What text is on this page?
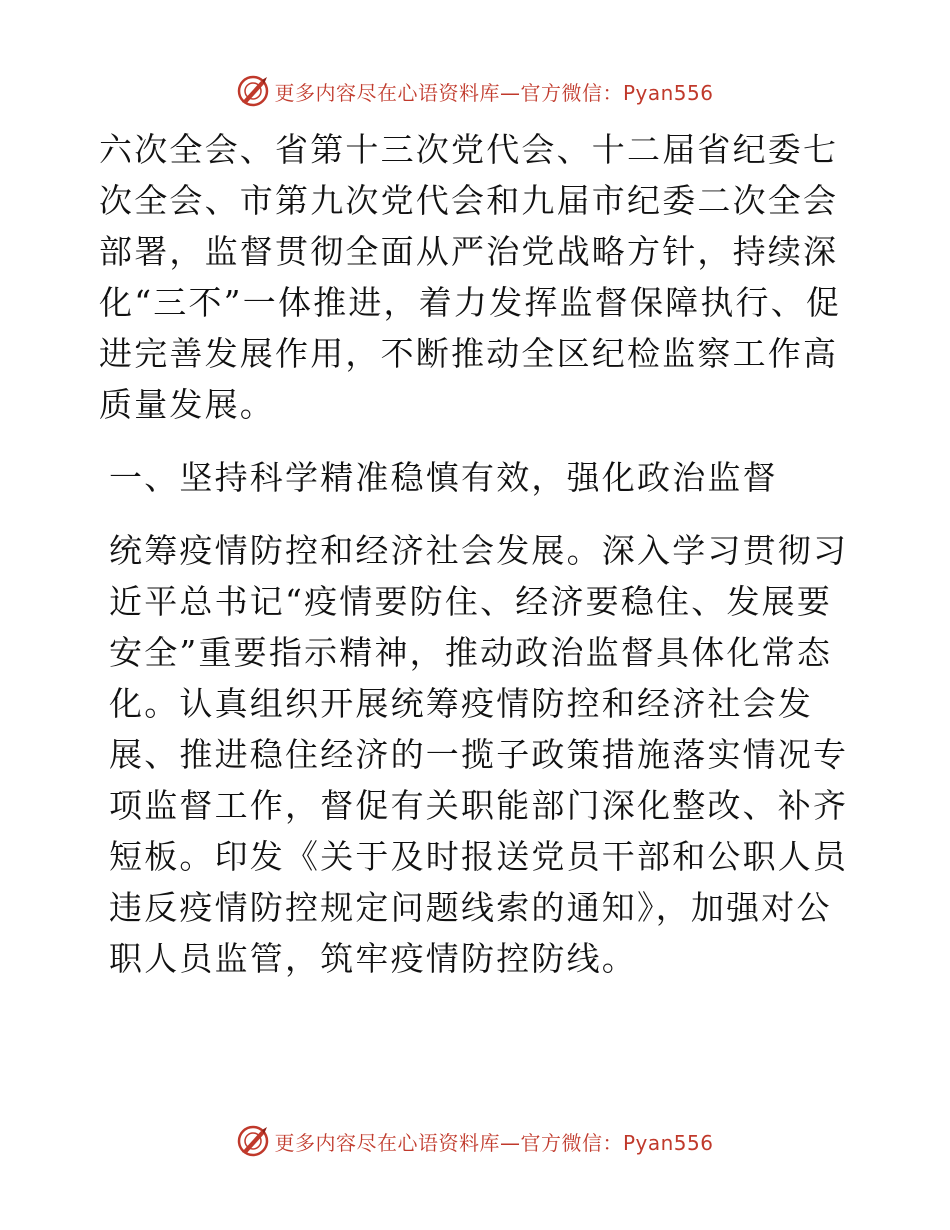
更多内容尽在心语资料库—官方微信：Pyan556

六次全会、省第十三次党代会、十二届省纪委七次全会、市第九次党代会和九届市纪委二次全会部署，监督贯彻全面从严治党战略方针，持续深化“三不”一体推进，着力发挥监督保障执行、促进完善发展作用，不断推动全区纪检监察工作高质量发展。

一、坚持科学精准稳慎有效，强化政治监督

统筹疫情防控和经济社会发展。深入学习贯彻习近平总书记“疫情要防住、经济要稳住、发展要安全”重要指示精神，推动政治监督具体化常态化。认真组织开展统筹疫情防控和经济社会发展、推进稳住经济的一揽子政策措施落实情况专项监督工作，督促有关职能部门深化整改、补齐短板。印发《关于及时报送党员干部和公职人员违反疫情防控规定问题线索的通知》，加强对公职人员监管，筑牢疫情防控防线。

更多内容尽在心语资料库—官方微信：Pyan556
